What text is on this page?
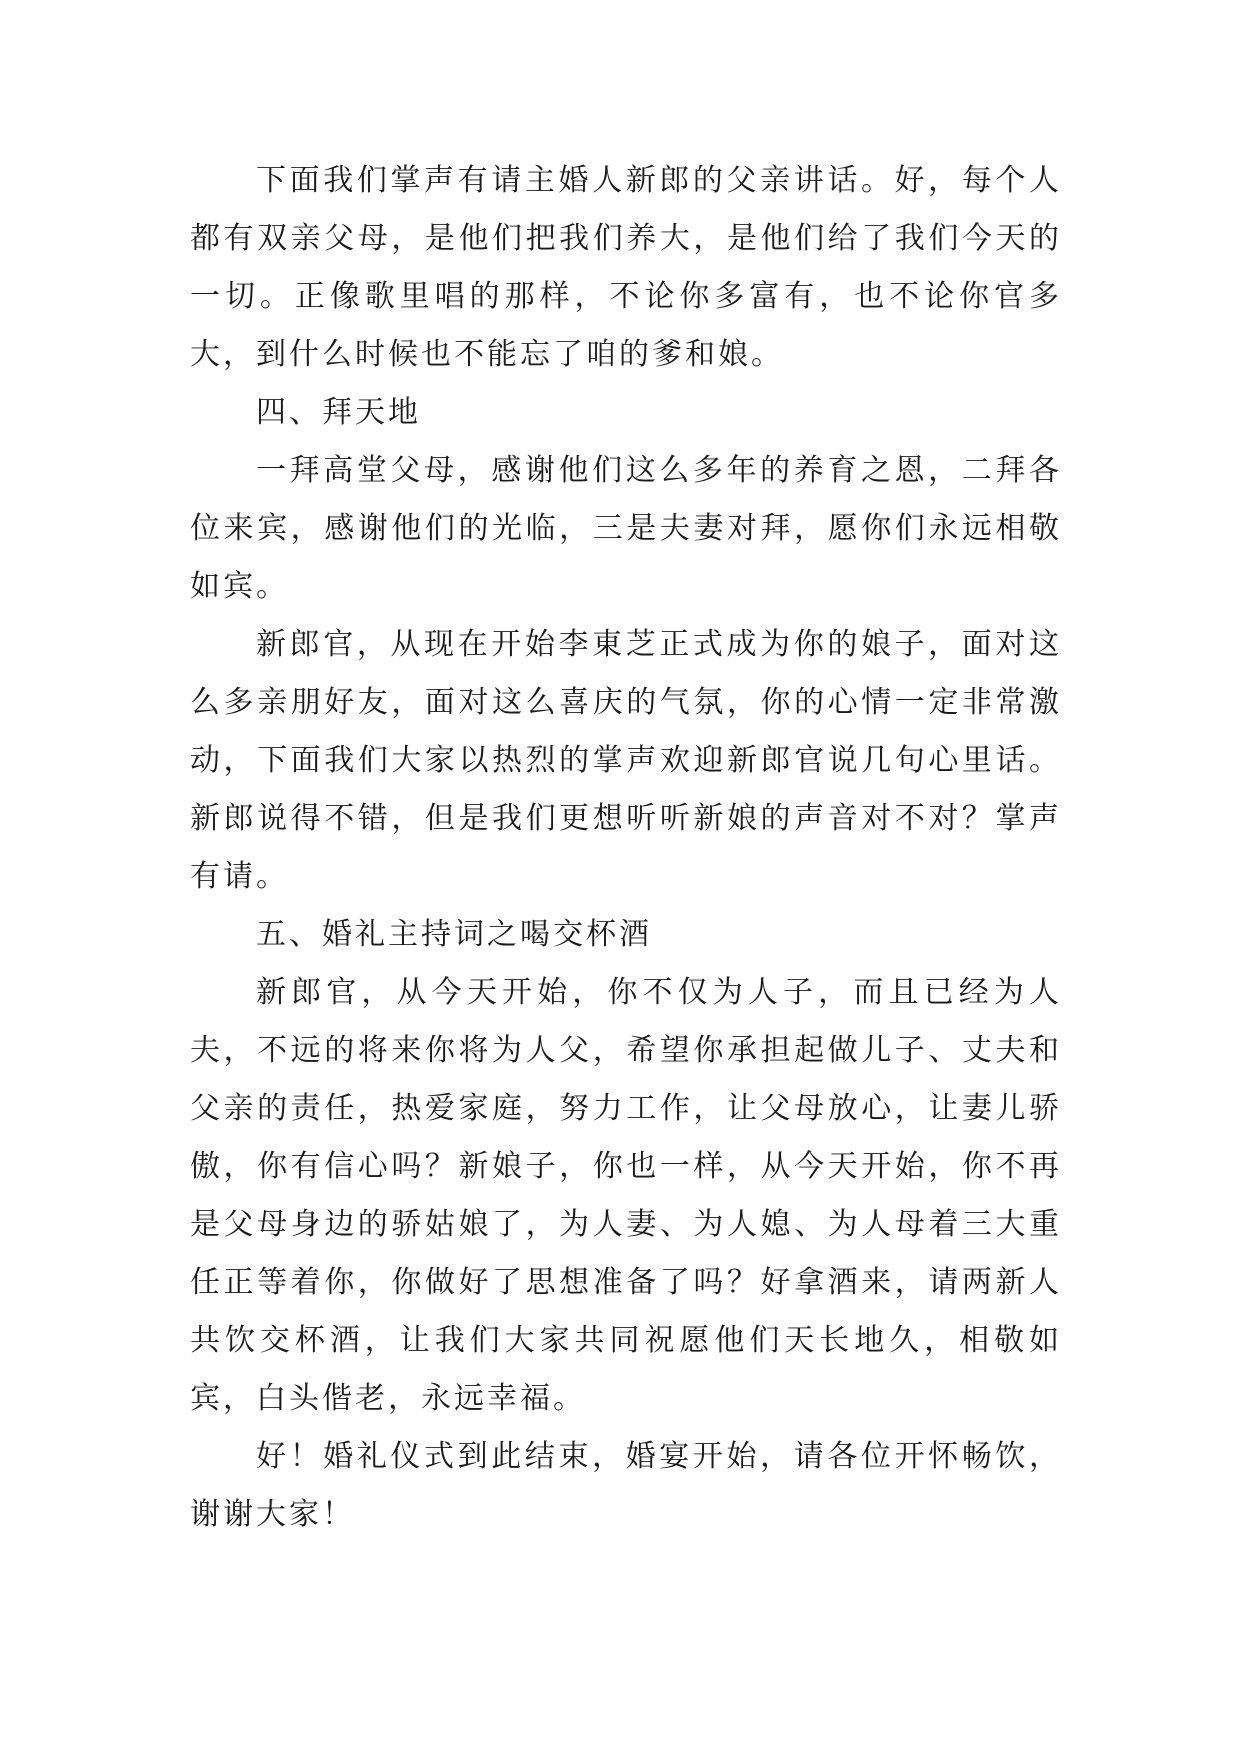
下面我们掌声有请主婚人新郎的父亲讲话。好，每个人都有双亲父母，是他们把我们养大，是他们给了我们今天的一切。正像歌里唱的那样，不论你多富有，也不论你官多大，到什么时候也不能忘了咱的爹和娘。

四、拜天地

一拜高堂父母，感谢他们这么多年的养育之恩，二拜各位来宾，感谢他们的光临，三是夫妻对拜，愿你们永远相敬如宾。

新郎官，从现在开始李東芝正式成为你的娘子，面对这么多亲朋好友，面对这么喜庆的气氛，你的心情一定非常激动，下面我们大家以热烈的掌声欢迎新郎官说几句心里话。新郎说得不错，但是我们更想听听新娘的声音对不对？掌声有请。

五、婚礼主持词之喝交杯酒

新郎官，从今天开始，你不仅为人子，而且已经为人夫，不远的将来你将为人父，希望你承担起做儿子、丈夫和父亲的责任，热爱家庭，努力工作，让父母放心，让妻儿骄傲，你有信心吗？新娘子，你也一样，从今天开始，你不再是父母身边的骄姑娘了，为人妻、为人媳、为人母着三大重任正等着你，你做好了思想准备了吗？好拿酒来，请两新人共饮交杯酒，让我们大家共同祝愿他们天长地久，相敬如宾，白头偕老，永远幸福。

好！婚礼仪式到此结束，婚宴开始，请各位开怀畅饮，谢谢大家！
